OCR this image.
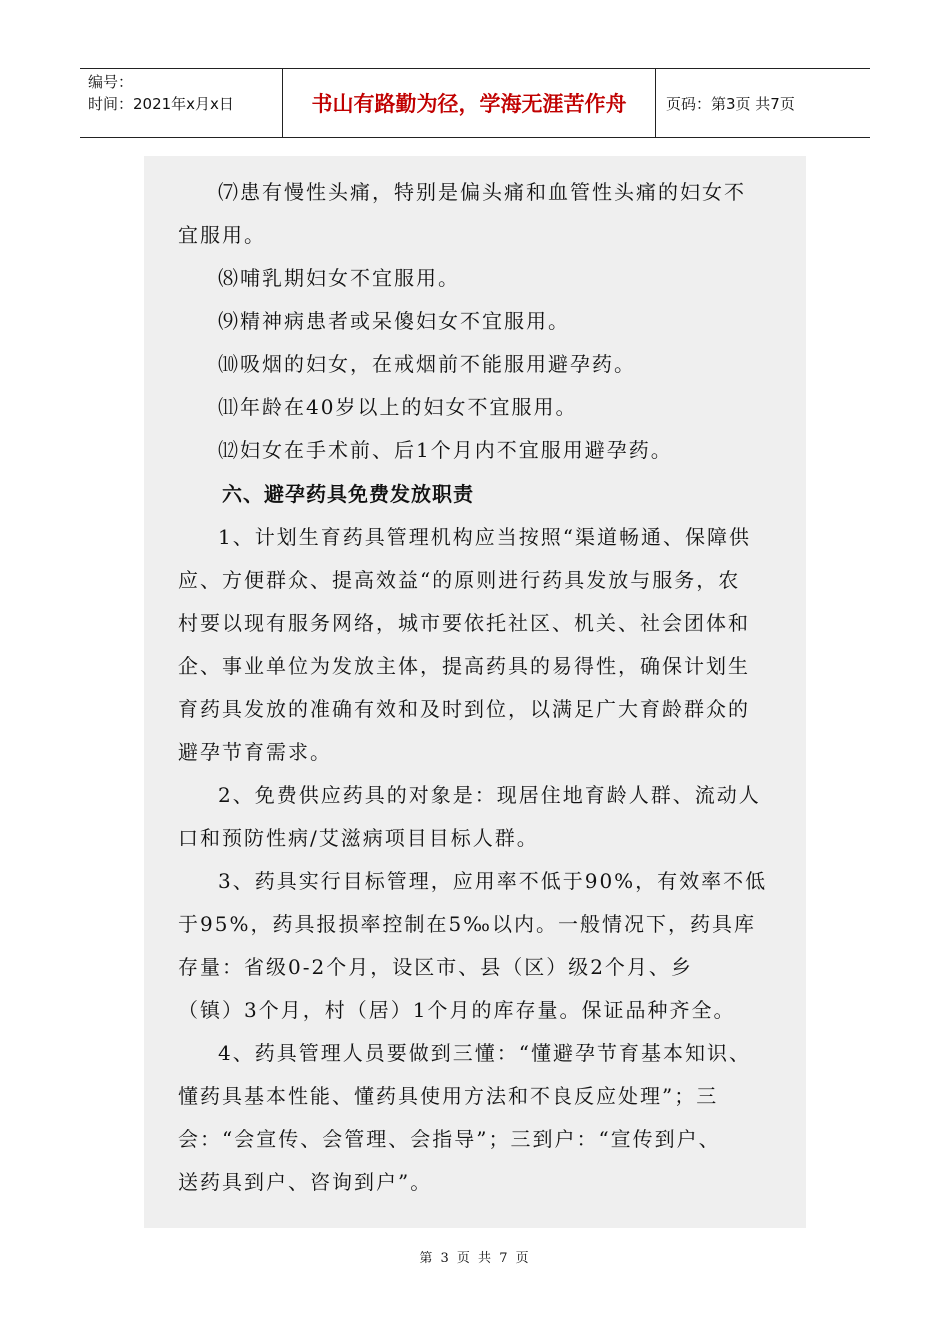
编号：
时间：2021年x月x日	书山有路勤为径，学海无涯苦作舟	页码：第3页 共7页
⑺患有慢性头痛，特别是偏头痛和血管性头痛的妇女不
宜服用。
⑻哺乳期妇女不宜服用。
⑼精神病患者或呆傻妇女不宜服用。
⑽吸烟的妇女，在戒烟前不能服用避孕药。
⑾年龄在40岁以上的妇女不宜服用。
⑿妇女在手术前、后1个月内不宜服用避孕药。
六、避孕药具免费发放职责
1、计划生育药具管理机构应当按照“渠道畅通、保障供
应、方便群众、提高效益“的原则进行药具发放与服务，农
村要以现有服务网络，城市要依托社区、机关、社会团体和
企、事业单位为发放主体，提高药具的易得性，确保计划生
育药具发放的准确有效和及时到位，以满足广大育龄群众的
避孕节育需求。
2、免费供应药具的对象是：现居住地育龄人群、流动人
口和预防性病/艾滋病项目目标人群。
3、药具实行目标管理，应用率不低于90%，有效率不低
于95%，药具报损率控制在5‰以内。一般情况下，药具库
存量：省级0-2个月，设区市、县（区）级2个月、乡
（镇）3个月，村（居）1个月的库存量。保证品种齐全。
4、药具管理人员要做到三懂：“懂避孕节育基本知识、
懂药具基本性能、懂药具使用方法和不良反应处理”；三
会：“会宣传、会管理、会指导”；三到户：“宣传到户、
送药具到户、咨询到户”。
第 3 页 共 7 页
